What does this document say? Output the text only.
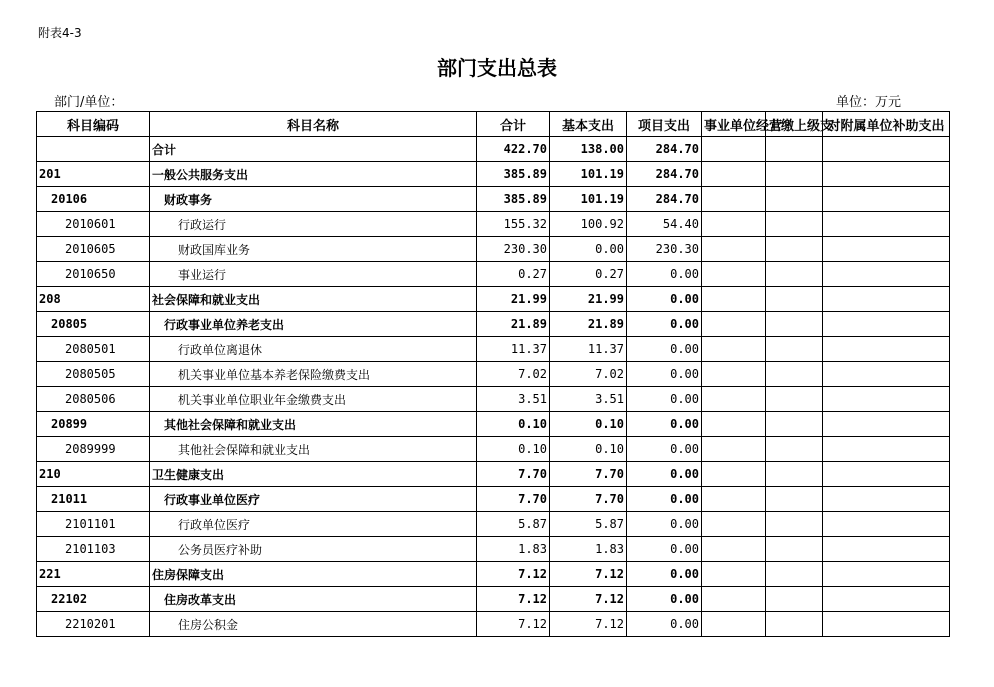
附表4-3
部门支出总表
部门/单位：	单位：万元
科目编码	科目名称	合计	基本支出	项目支出	事业单位经营	上缴上级支	对附属单位补助支出
	合计	422.70	138.00	284.70			
201	一般公共服务支出	385.89	101.19	284.70			
20106	财政事务	385.89	101.19	284.70			
2010601	行政运行	155.32	100.92	54.40			
2010605	财政国库业务	230.30	0.00	230.30			
2010650	事业运行	0.27	0.27	0.00			
208	社会保障和就业支出	21.99	21.99	0.00			
20805	行政事业单位养老支出	21.89	21.89	0.00			
2080501	行政单位离退休	11.37	11.37	0.00			
2080505	机关事业单位基本养老保险缴费支出	7.02	7.02	0.00			
2080506	机关事业单位职业年金缴费支出	3.51	3.51	0.00			
20899	其他社会保障和就业支出	0.10	0.10	0.00			
2089999	其他社会保障和就业支出	0.10	0.10	0.00			
210	卫生健康支出	7.70	7.70	0.00			
21011	行政事业单位医疗	7.70	7.70	0.00			
2101101	行政单位医疗	5.87	5.87	0.00			
2101103	公务员医疗补助	1.83	1.83	0.00			
221	住房保障支出	7.12	7.12	0.00			
22102	住房改革支出	7.12	7.12	0.00			
2210201	住房公积金	7.12	7.12	0.00			
